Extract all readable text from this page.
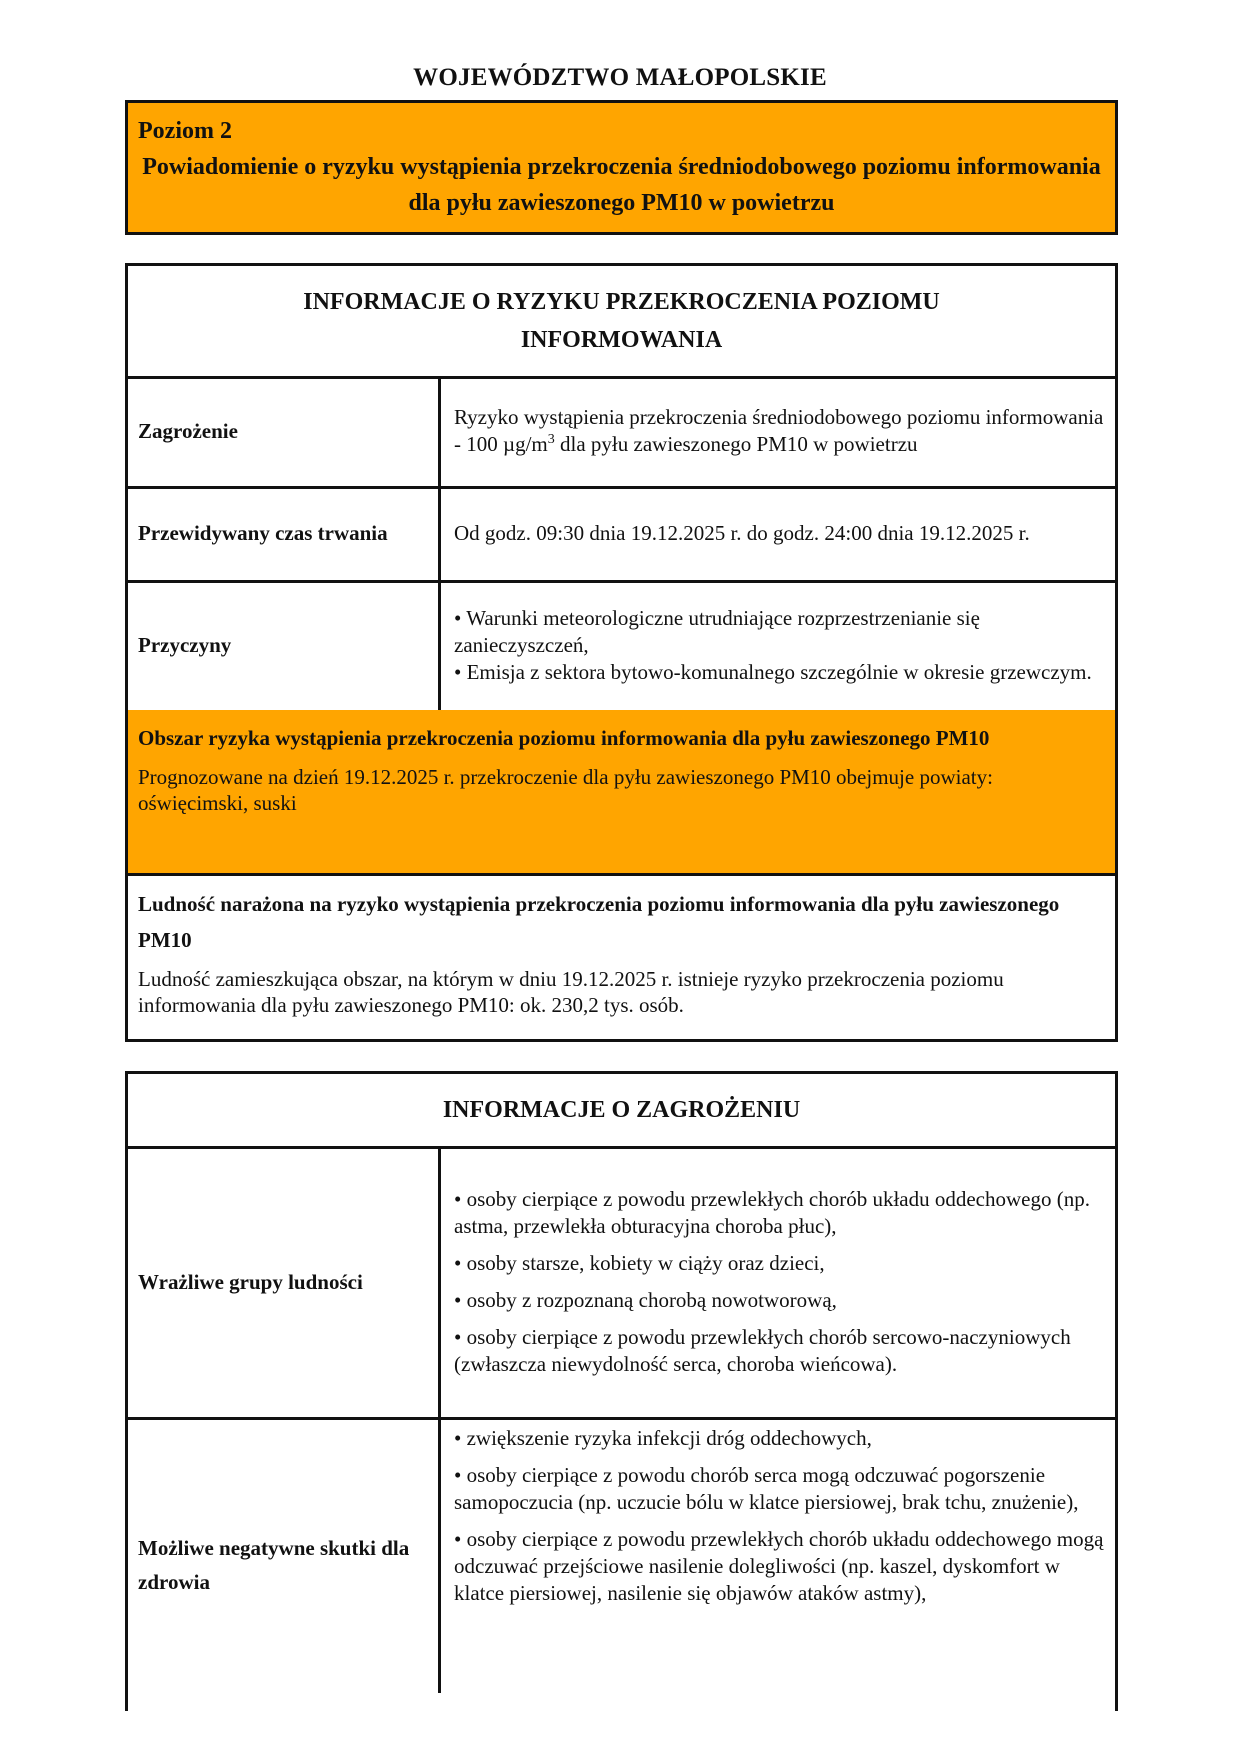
WOJEWÓDZTWO MAŁOPOLSKIE
Poziom 2
Powiadomienie o ryzyku wystąpienia przekroczenia średniodobowego poziomu informowania dla pyłu zawieszonego PM10 w powietrzu
INFORMACJE O RYZYKU PRZEKROCZENIA POZIOMU INFORMOWANIA
Zagrożenie

Ryzyko wystąpienia przekroczenia średniodobowego poziomu informowania - 100 $\mu g/m^3$ dla pyłu zawieszonego PM10 w powietrzu

Przewidywany czas trwania	Od godz. 09:30 dnia 19.12.2025 r. do godz. 24:00 dnia 19.12.2025 r.

Przyczyny

• Warunki meteorologiczne utrudniające rozprzestrzenianie się zanieczyszczeń,

• Emisja z sektora bytowo-komunalnego szczególnie w okresie grzewczym.

Obszar ryzyka wystąpienia przekroczenia poziomu informowania dla pyłu zawieszonego PM10
Prognozowane na dzień 19.12.2025 r. przekroczenie dla pyłu zawieszonego PM10 obejmuje powiaty: oświęcimski, suski
Ludność narażona na ryzyko wystąpienia przekroczenia poziomu informowania dla pyłu zawieszonego PM10
Ludność zamieszkująca obszar, na którym w dniu 19.12.2025 r. istnieje ryzyko przekroczenia poziomu informowania dla pyłu zawieszonego PM10: ok. 230,2 tys. osób.
INFORMACJE O ZAGROŻENIU
Wrażliwe grupy ludności

• osoby cierpiące z powodu przewlekłych chorób układu oddechowego (np. astma, przewlekła obturacyjna choroba płuc),

• osoby starsze, kobiety w ciąży oraz dzieci,

• osoby z rozpoznaną chorobą nowotworową,

• osoby cierpiące z powodu przewlekłych chorób sercowo-naczyniowych (zwłaszcza niewydolność serca, choroba wieńcowa).

Możliwe negatywne skutki dla zdrowia

• zwiększenie ryzyka infekcji dróg oddechowych,

• osoby cierpiące z powodu chorób serca mogą odczuwać pogorszenie samopoczucia (np. uczucie bólu w klatce piersiowej, brak tchu, znużenie),

• osoby cierpiące z powodu przewlekłych chorób układu oddechowego mogą odczuwać przejściowe nasilenie dolegliwości (np. kaszel, dyskomfort w klatce piersiowej, nasilenie się objawów ataków astmy),
